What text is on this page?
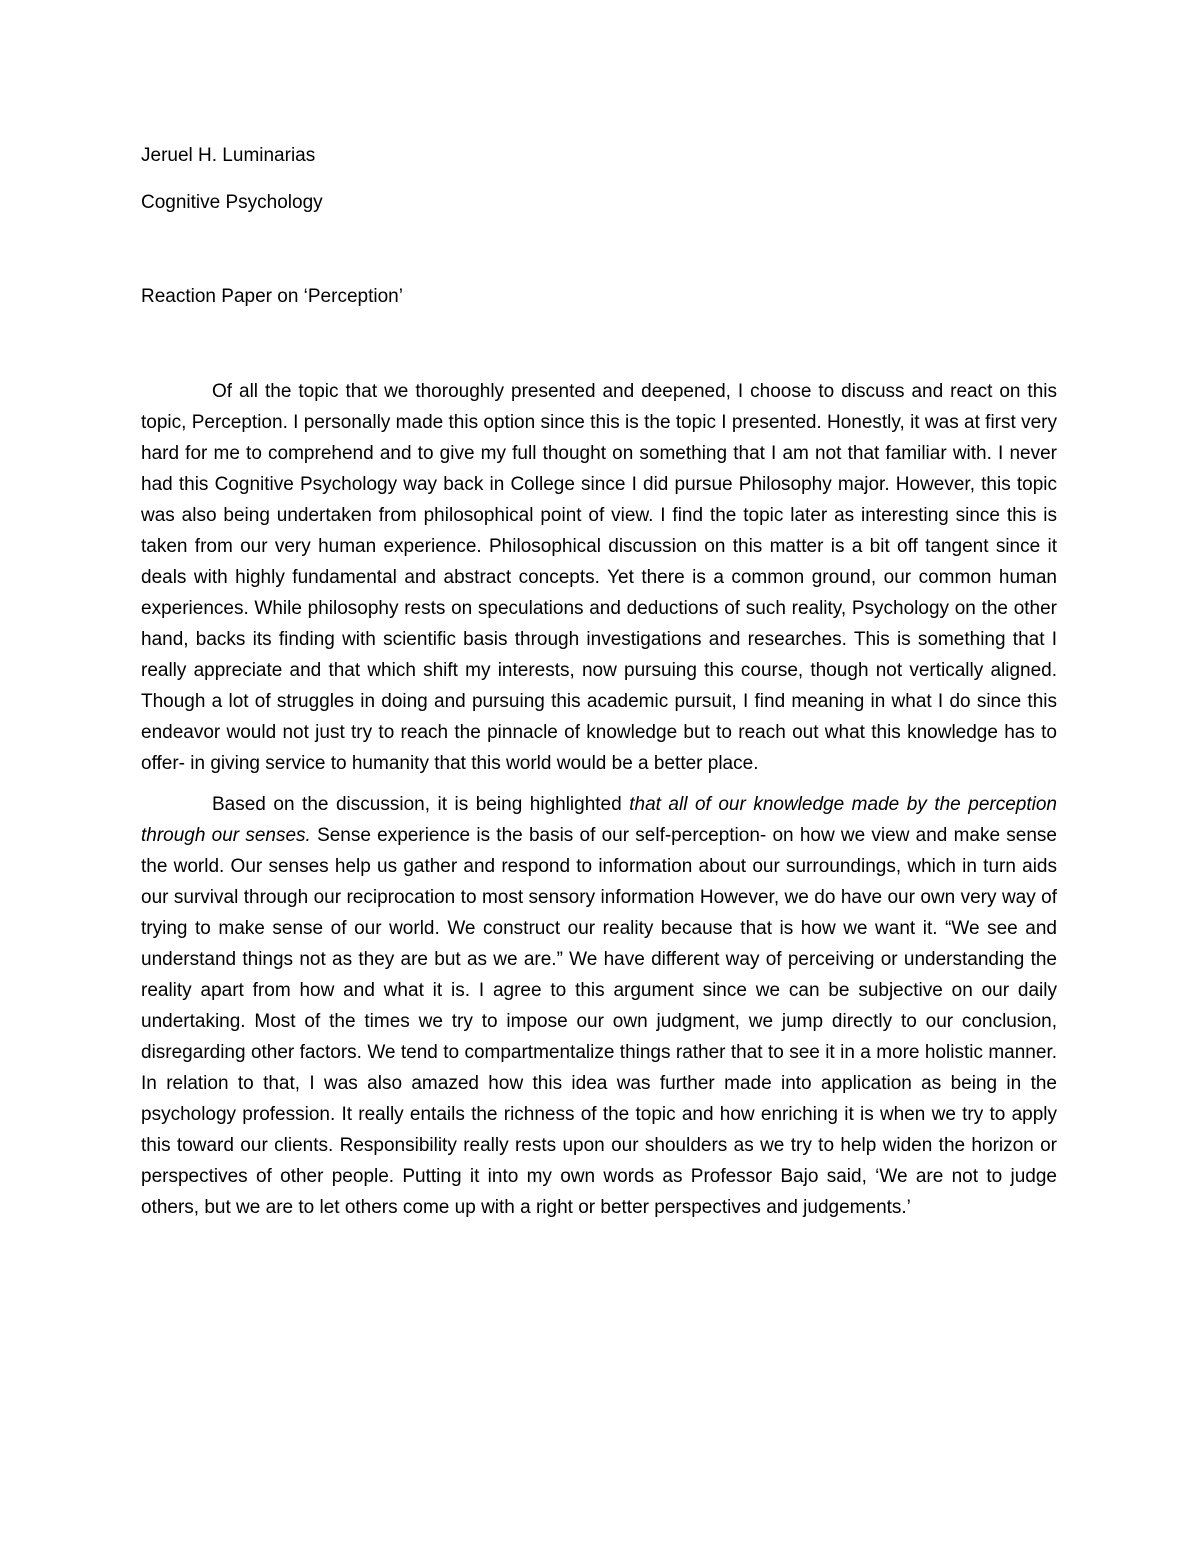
Jeruel H. Luminarias
Cognitive Psychology
Reaction Paper on ‘Perception’

Of all the topic that we thoroughly presented and deepened, I choose to discuss and react on this topic, Perception. I personally made this option since this is the topic I presented. Honestly, it was at first very hard for me to comprehend and to give my full thought on something that I am not that familiar with. I never had this Cognitive Psychology way back in College since I did pursue Philosophy major. However, this topic was also being undertaken from philosophical point of view. I find the topic later as interesting since this is taken from our very human experience. Philosophical discussion on this matter is a bit off tangent since it deals with highly fundamental and abstract concepts. Yet there is a common ground, our common human experiences. While philosophy rests on speculations and deductions of such reality, Psychology on the other hand, backs its finding with scientific basis through investigations and researches. This is something that I really appreciate and that which shift my interests, now pursuing this course, though not vertically aligned. Though a lot of struggles in doing and pursuing this academic pursuit, I find meaning in what I do since this endeavor would not just try to reach the pinnacle of knowledge but to reach out what this knowledge has to offer- in giving service to humanity that this world would be a better place.

Based on the discussion, it is being highlighted that all of our knowledge made by the perception through our senses. Sense experience is the basis of our self-perception- on how we view and make sense the world. Our senses help us gather and respond to information about our surroundings, which in turn aids our survival through our reciprocation to most sensory information However, we do have our own very way of trying to make sense of our world. We construct our reality because that is how we want it. “We see and understand things not as they are but as we are.” We have different way of perceiving or understanding the reality apart from how and what it is. I agree to this argument since we can be subjective on our daily undertaking. Most of the times we try to impose our own judgment, we jump directly to our conclusion, disregarding other factors. We tend to compartmentalize things rather that to see it in a more holistic manner. In relation to that, I was also amazed how this idea was further made into application as being in the psychology profession. It really entails the richness of the topic and how enriching it is when we try to apply this toward our clients. Responsibility really rests upon our shoulders as we try to help widen the horizon or perspectives of other people. Putting it into my own words as Professor Bajo said, ‘We are not to judge others, but we are to let others come up with a right or better perspectives and judgements.’
